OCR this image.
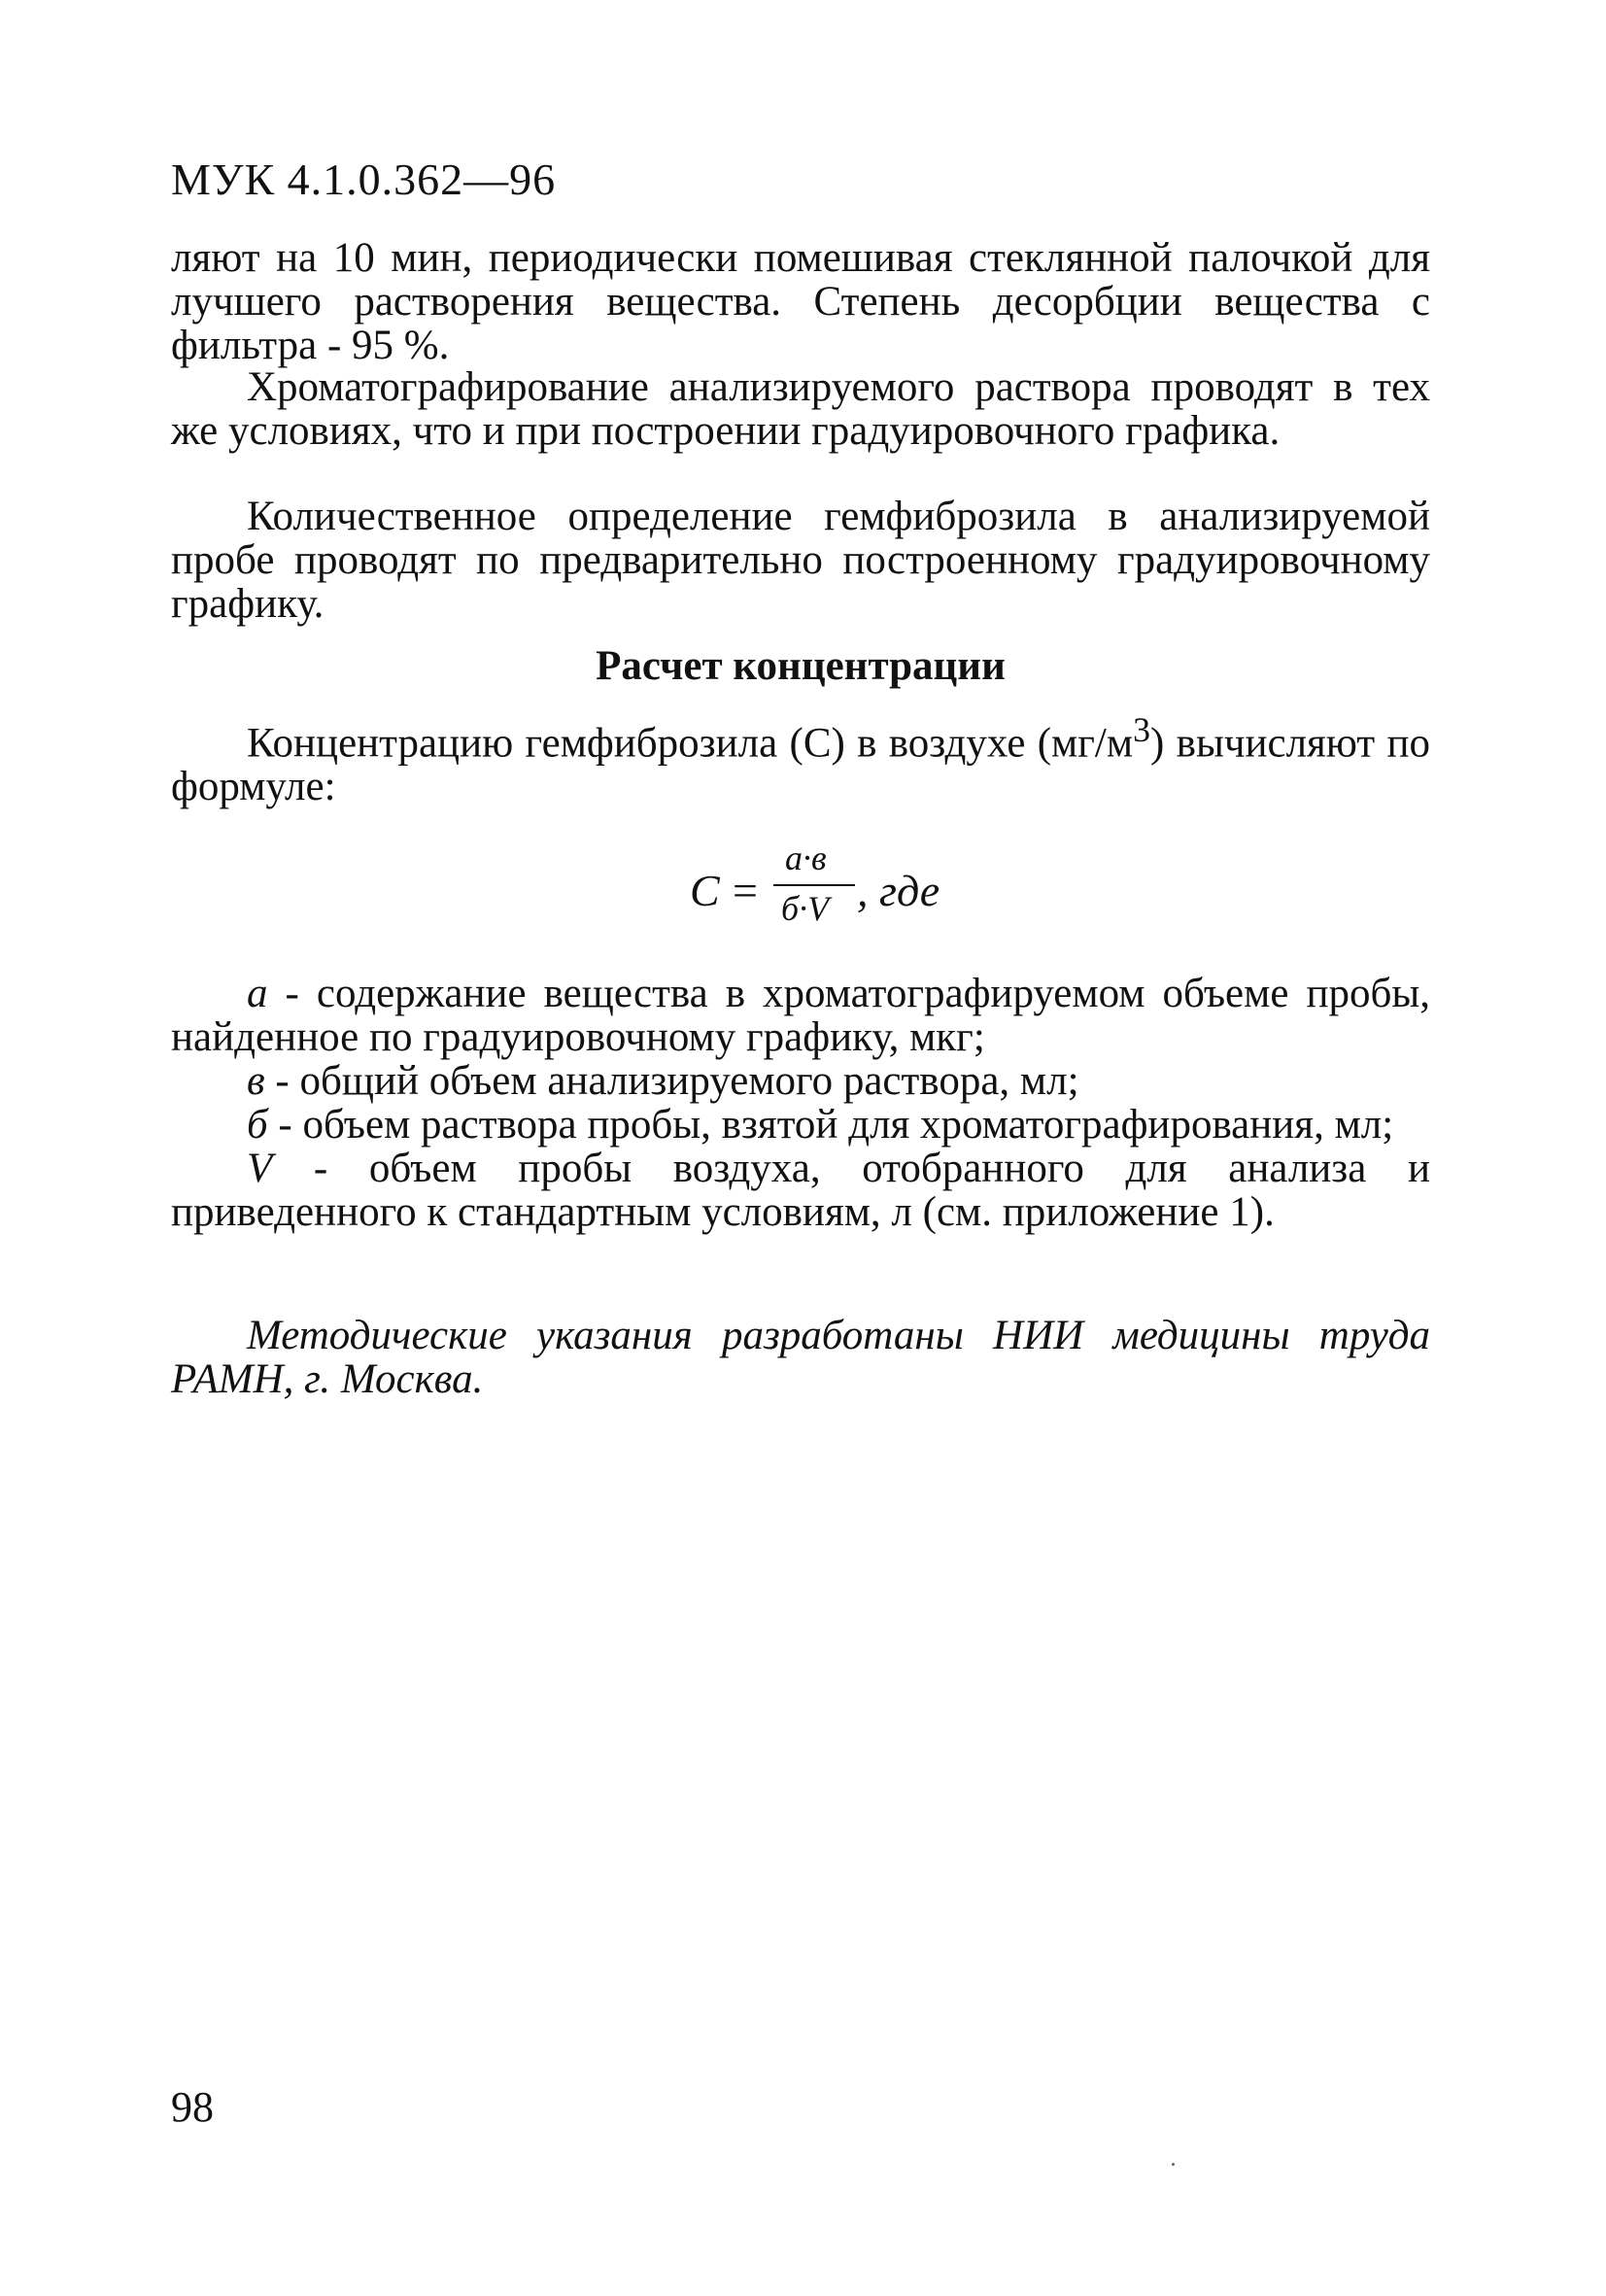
МУК 4.1.0.362—96

ляют на 10 мин, периодически помешивая стеклянной палочкой для лучшего растворения вещества. Степень десорбции вещества с фильтра - 95 %.

Хроматографирование анализируемого раствора проводят в тех же условиях, что и при построении градуировочного графика.

Количественное определение гемфиброзила в анализируемой пробе проводят по предварительно построенному градуировочному графику.

Расчет концентрации

Концентрацию гемфиброзила (С) в воздухе $(мг/м^3)$ вычисляют по формуле:

C =
а·в
б·V , где

а - содержание вещества в хроматографируемом объеме пробы, найденное по градуировочному графику, мкг;

в - общий объем анализируемого раствора, мл;

б - объем раствора пробы, взятой для хроматографирования, мл;

V - объем пробы воздуха, отобранного для анализа и приведенного к стандартным условиям, л (см. приложение 1).

Методические указания разработаны НИИ медицины труда РАМН, г. Москва.
98
